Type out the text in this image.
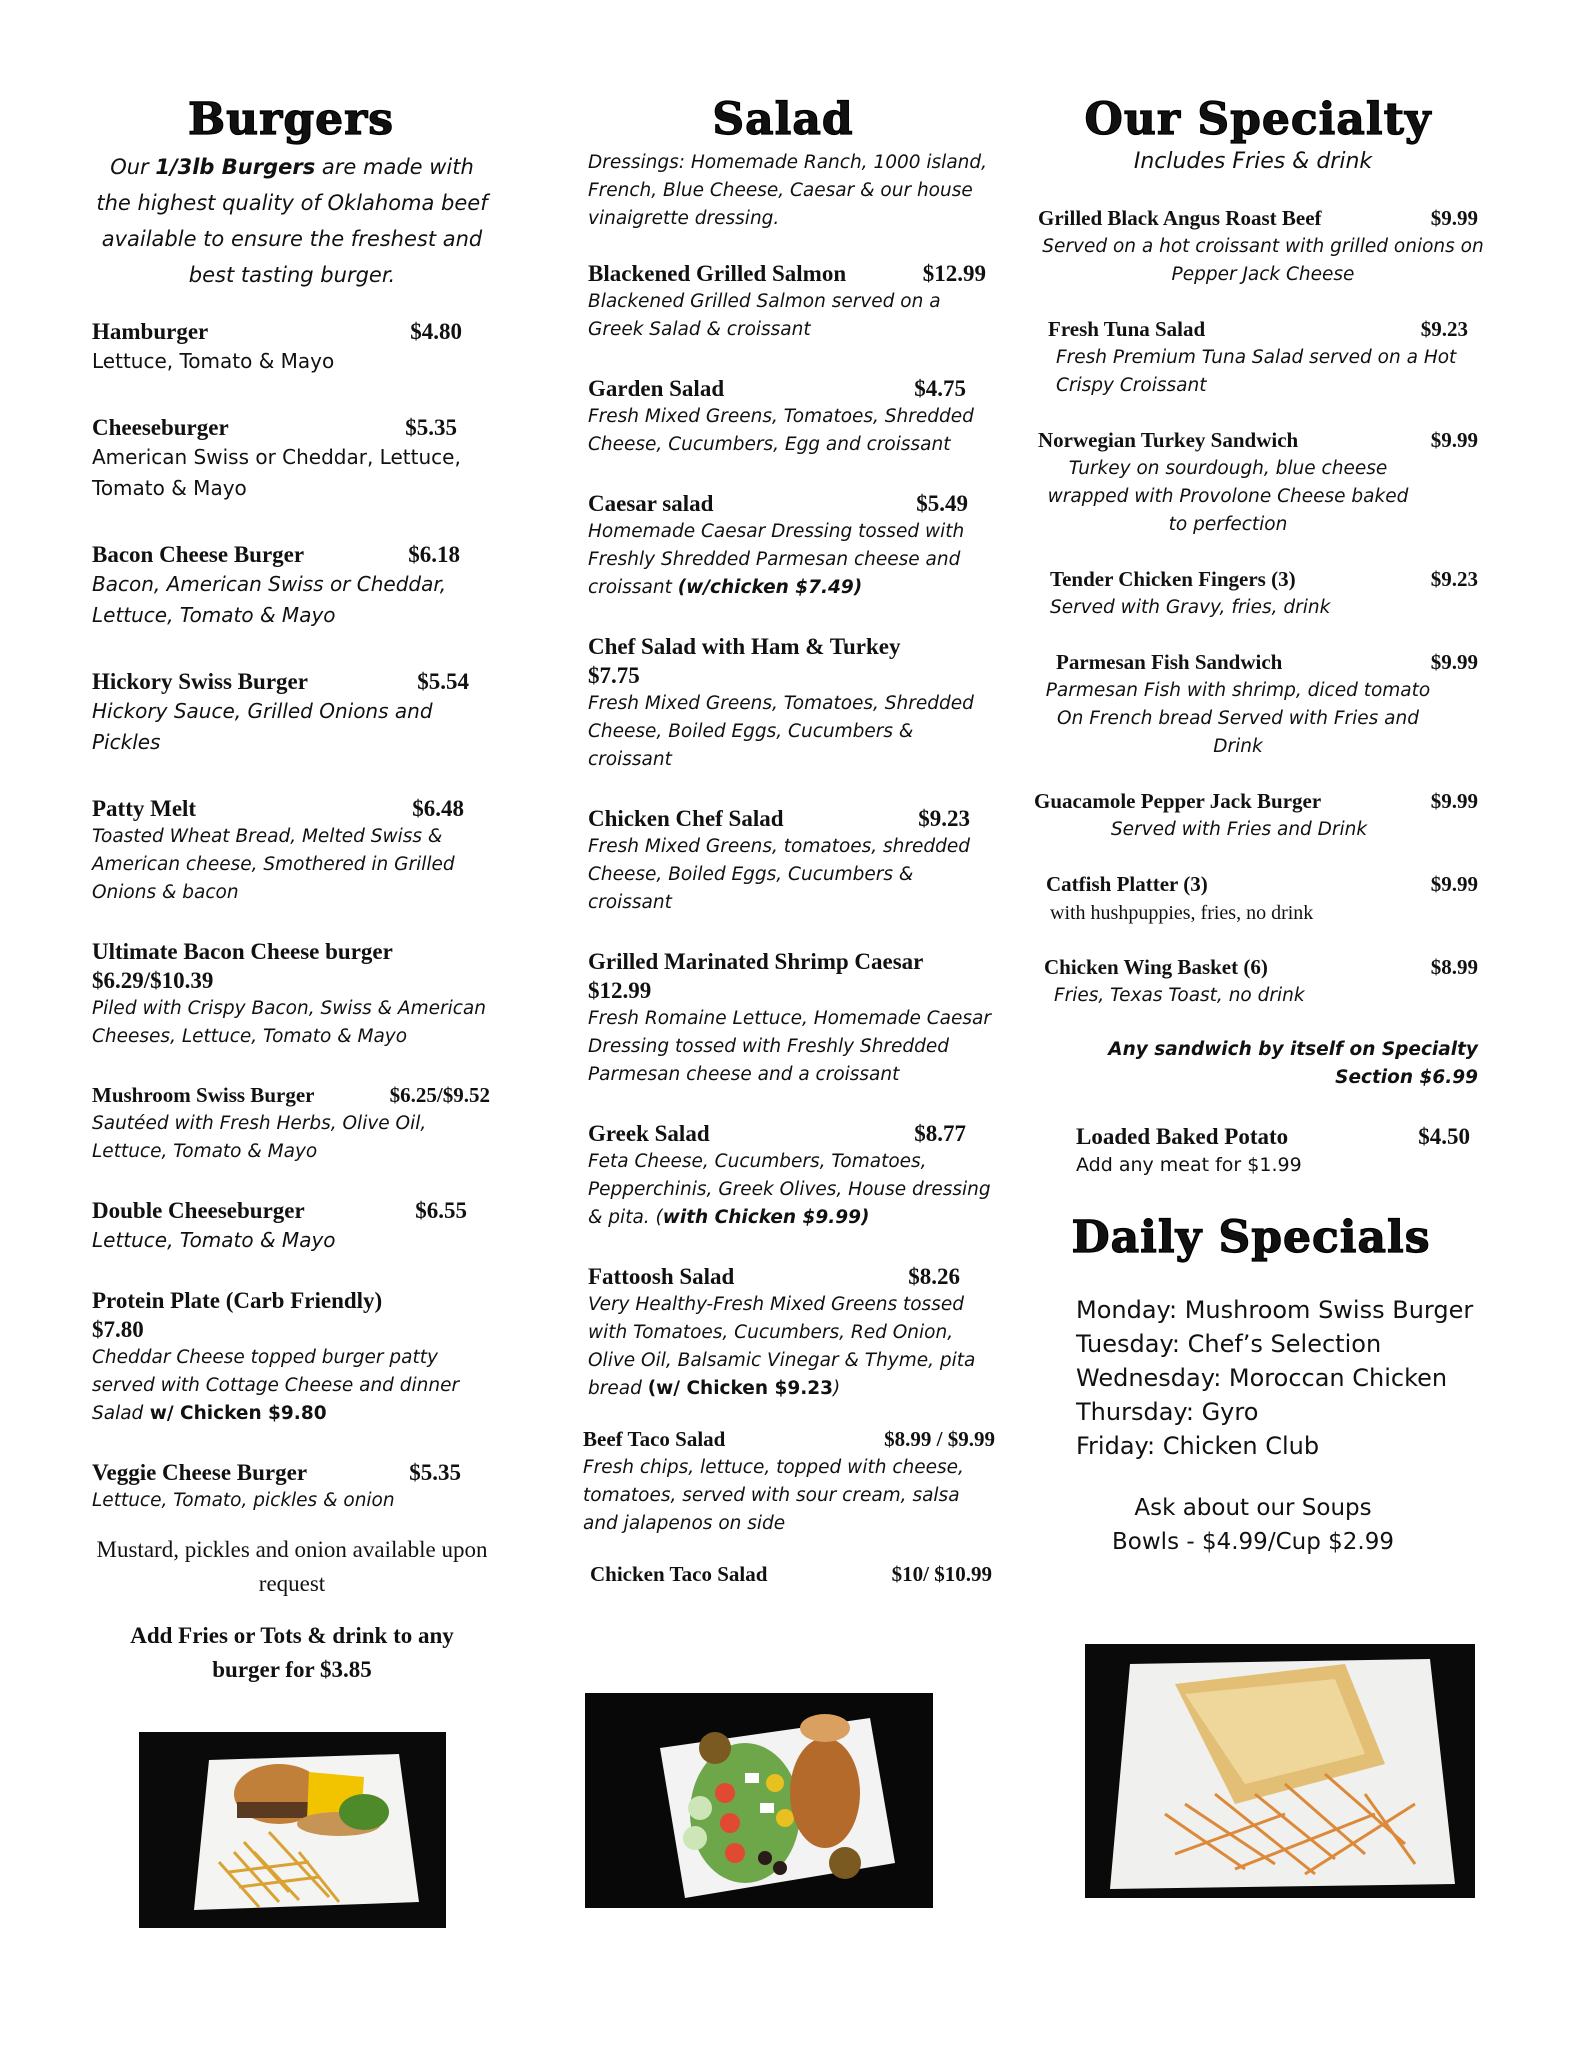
Burgers

Our 1/3lb Burgers are made with the highest quality of Oklahoma beef available to ensure the freshest and best tasting burger.

Hamburger	$4.80
Lettuce, Tomato & Mayo
Cheeseburger	$5.35
American Swiss or Cheddar, Lettuce, Tomato & Mayo
Bacon Cheese Burger	$6.18
Bacon, American Swiss or Cheddar, Lettuce, Tomato & Mayo
Hickory Swiss Burger	$5.54
Hickory Sauce, Grilled Onions and Pickles
Patty Melt	$6.48
Toasted Wheat Bread, Melted Swiss & American cheese, Smothered in Grilled Onions & bacon
Ultimate Bacon Cheese burger
$6.29/$10.39
Piled with Crispy Bacon, Swiss & American Cheeses, Lettuce, Tomato & Mayo
Mushroom Swiss Burger	$6.25/$9.52
Sautéed with Fresh Herbs, Olive Oil, Lettuce, Tomato & Mayo
Double Cheeseburger	$6.55
Lettuce, Tomato & Mayo
Protein Plate (Carb Friendly)
$7.80
Cheddar Cheese topped burger patty served with Cottage Cheese and dinner Salad w/ Chicken $9.80
Veggie Cheese Burger	$5.35
Lettuce, Tomato, pickles & onion

Mustard, pickles and onion available upon request

Add Fries or Tots & drink to any burger for $3.85

Salad

Dressings: Homemade Ranch, 1000 island, French, Blue Cheese, Caesar & our house vinaigrette dressing.

Blackened Grilled Salmon	$12.99
Blackened Grilled Salmon served on a Greek Salad & croissant
Garden Salad	$4.75
Fresh Mixed Greens, Tomatoes, Shredded Cheese, Cucumbers, Egg and croissant
Caesar salad	$5.49
Homemade Caesar Dressing tossed with Freshly Shredded Parmesan cheese and croissant (w/chicken $7.49)
Chef Salad with Ham & Turkey
$7.75
Fresh Mixed Greens, Tomatoes, Shredded Cheese, Boiled Eggs, Cucumbers & croissant
Chicken Chef Salad	$9.23
Fresh Mixed Greens, tomatoes, shredded Cheese, Boiled Eggs, Cucumbers & croissant
Grilled Marinated Shrimp Caesar
$12.99
Fresh Romaine Lettuce, Homemade Caesar Dressing tossed with Freshly Shredded Parmesan cheese and a croissant
Greek Salad	$8.77
Feta Cheese, Cucumbers, Tomatoes, Pepperchinis, Greek Olives, House dressing & pita. (with Chicken $9.99)
Fattoosh Salad	$8.26
Very Healthy-Fresh Mixed Greens tossed with Tomatoes, Cucumbers, Red Onion, Olive Oil, Balsamic Vinegar & Thyme, pita bread (w/ Chicken $9.23)
Beef Taco Salad	$8.99 / $9.99
Fresh chips, lettuce, topped with cheese, tomatoes, served with sour cream, salsa and jalapenos on side
Chicken Taco Salad	$10/ $10.99
Our Specialty

Includes Fries & drink

Grilled Black Angus Roast Beef	$9.99
Served on a hot croissant with grilled onions on Pepper Jack Cheese
Fresh Tuna Salad	$9.23
Fresh Premium Tuna Salad served on a Hot Crispy Croissant
Norwegian Turkey Sandwich	$9.99
Turkey on sourdough, blue cheese wrapped with Provolone Cheese baked to perfection
Tender Chicken Fingers (3)	$9.23
Served with Gravy, fries, drink
Parmesan Fish Sandwich	$9.99
Parmesan Fish with shrimp, diced tomato On French bread Served with Fries and Drink
Guacamole Pepper Jack Burger	$9.99
Served with Fries and Drink
Catfish Platter (3)	$9.99
with hushpuppies, fries, no drink
Chicken Wing Basket (6)	$8.99
Fries, Texas Toast, no drink

Any sandwich by itself on Specialty Section $6.99

Loaded Baked Potato	$4.50
Add any meat for $1.99
Daily Specials
Monday: Mushroom Swiss Burger
Tuesday: Chef’s Selection
Wednesday: Moroccan Chicken
Thursday: Gyro
Friday: Chicken Club
Ask about our Soups
Bowls - $4.99/Cup $2.99
